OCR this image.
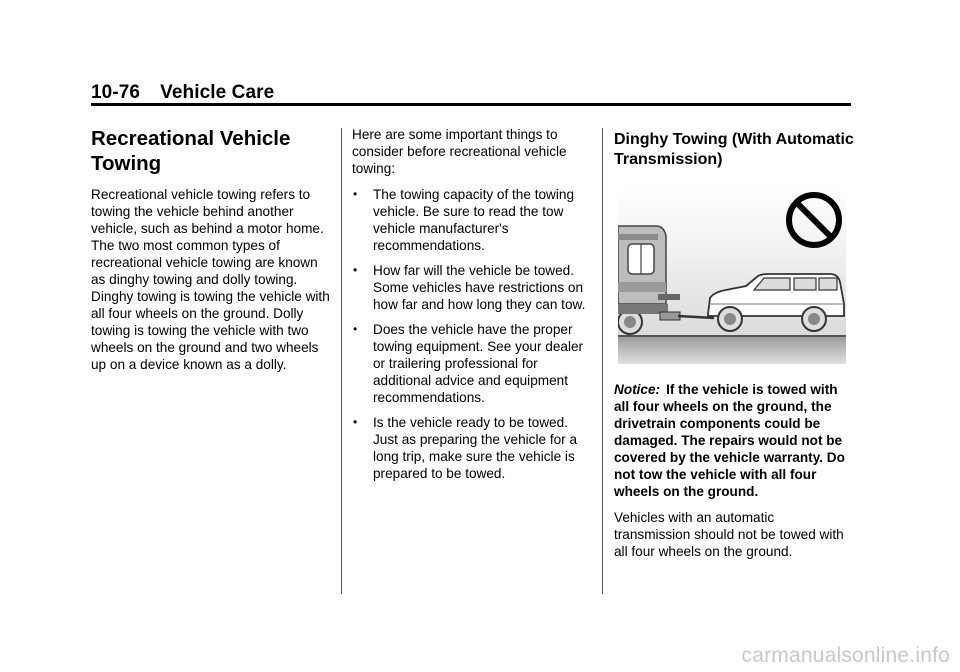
10-76 Vehicle Care
Recreational Vehicle Towing

Recreational vehicle towing refers to towing the vehicle behind another vehicle, such as behind a motor home. The two most common types of recreational vehicle towing are known as dinghy towing and dolly towing. Dinghy towing is towing the vehicle with all four wheels on the ground. Dolly towing is towing the vehicle with two wheels on the ground and two wheels up on a device known as a dolly.

Here are some important things to consider before recreational vehicle towing:

• The towing capacity of the towing vehicle. Be sure to read the tow vehicle manufacturer's recommendations.
• How far will the vehicle be towed. Some vehicles have restrictions on how far and how long they can tow.
• Does the vehicle have the proper towing equipment. See your dealer or trailering professional for additional advice and equipment recommendations.
• Is the vehicle ready to be towed. Just as preparing the vehicle for a long trip, make sure the vehicle is prepared to be towed.
Dinghy Towing (With Automatic Transmission)

Notice: If the vehicle is towed with all four wheels on the ground, the drivetrain components could be damaged. The repairs would not be covered by the vehicle warranty. Do not tow the vehicle with all four wheels on the ground.

Vehicles with an automatic transmission should not be towed with all four wheels on the ground.

carmanualsonline.info
